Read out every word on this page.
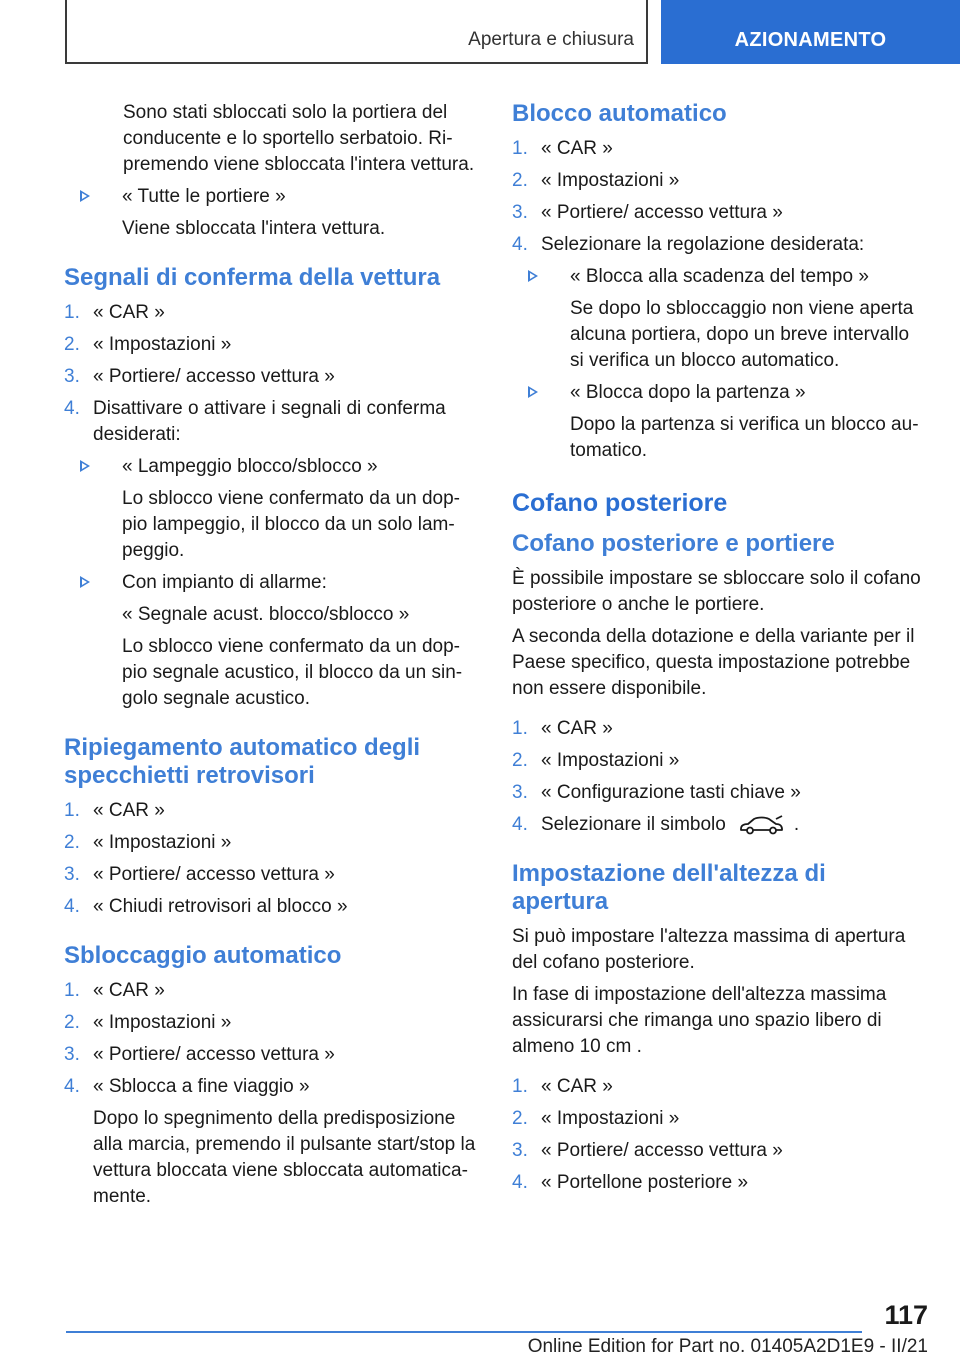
Apertura e chiusura	AZIONAMENTO

Sono stati sbloccati solo la portiera del conducente e lo sportello serbatoio. Ripremendo viene sbloccata l'intera vettura.

« Tutte le portiere »
Viene sbloccata l'intera vettura.
Segnali di conferma della vettura
1. « CAR »
2. « Impostazioni »
3. « Portiere/ accesso vettura »
4. Disattivare o attivare i segnali di conferma desiderati:
« Lampeggio blocco/sblocco »
Lo sblocco viene confermato da un doppio lampeggio, il blocco da un solo lampeggio.
Con impianto di allarme:
« Segnale acust. blocco/sblocco »
Lo sblocco viene confermato da un doppio segnale acustico, il blocco da un singolo segnale acustico.
Ripiegamento automatico degli specchietti retrovisori
1. « CAR »
2. « Impostazioni »
3. « Portiere/ accesso vettura »
4. « Chiudi retrovisori al blocco »
Sbloccaggio automatico
1. « CAR »
2. « Impostazioni »
3. « Portiere/ accesso vettura »
4. « Sblocca a fine viaggio »

Dopo lo spegnimento della predisposizione alla marcia, premendo il pulsante start/stop la vettura bloccata viene sbloccata automaticamente.

Blocco automatico
1. « CAR »
2. « Impostazioni »
3. « Portiere/ accesso vettura »
4. Selezionare la regolazione desiderata:
« Blocca alla scadenza del tempo »
Se dopo lo sbloccaggio non viene aperta alcuna portiera, dopo un breve intervallo si verifica un blocco automatico.
« Blocca dopo la partenza »
Dopo la partenza si verifica un blocco automatico.
Cofano posteriore
Cofano posteriore e portiere

È possibile impostare se sbloccare solo il cofano posteriore o anche le portiere.

A seconda della dotazione e della variante per il Paese specifico, questa impostazione potrebbe non essere disponibile.

1. « CAR »
2. « Impostazioni »
3. « Configurazione tasti chiave »
4. Selezionare il simbolo	.
Impostazione dell'altezza di apertura

Si può impostare l'altezza massima di apertura del cofano posteriore.

In fase di impostazione dell'altezza massima assicurarsi che rimanga uno spazio libero di almeno 10 cm .

1. « CAR »
2. « Impostazioni »
3. « Portiere/ accesso vettura »
4. « Portellone posteriore »
117
Online Edition for Part no. 01405A2D1E9 - II/21
